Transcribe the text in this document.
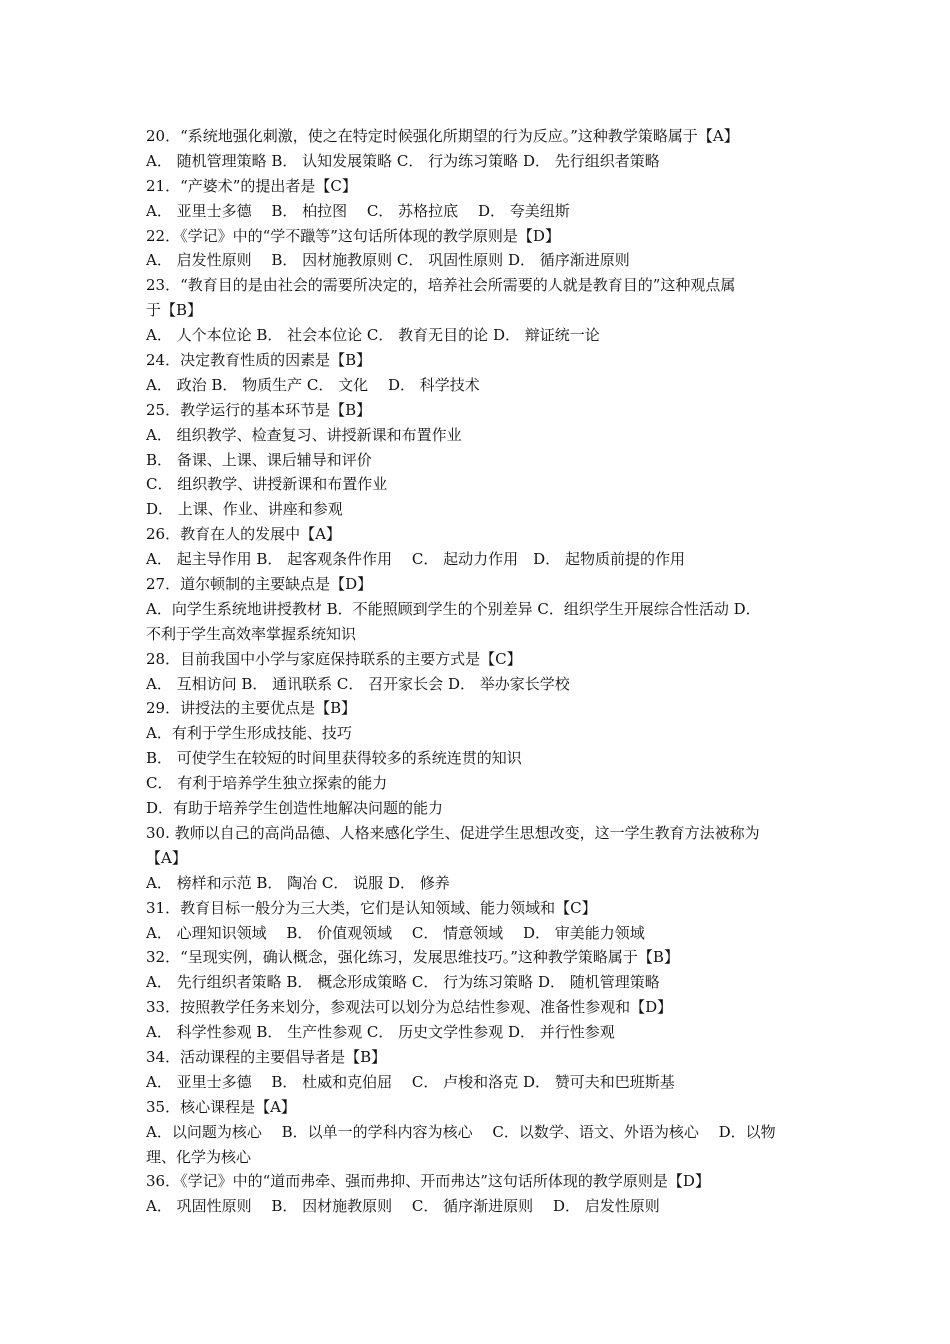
20．“系统地强化刺激，使之在特定时候强化所期望的行为反应。”这种教学策略属于【A】
A． 随机管理策略 B． 认知发展策略 C． 行为练习策略 D． 先行组织者策略
21．“产婆术”的提出者是【C】
A． 亚里士多德　 B． 柏拉图　 C． 苏格拉底　 D． 夸美纽斯
22．《学记》中的“学不躐等”这句话所体现的教学原则是【D】
A． 启发性原则　 B． 因材施教原则 C． 巩固性原则 D． 循序渐进原则
23．“教育目的是由社会的需要所决定的，培养社会所需要的人就是教育目的”这种观点属
于【B】
A． 人个本位论 B． 社会本位论 C． 教育无目的论 D． 辩证统一论
24．决定教育性质的因素是【B】
A． 政治 B． 物质生产 C． 文化　 D． 科学技术
25．教学运行的基本环节是【B】
A． 组织教学、检查复习、讲授新课和布置作业
B． 备课、上课、课后辅导和评价
C． 组织教学、讲授新课和布置作业
D． 上课、作业、讲座和参观
26．教育在人的发展中【A】
A． 起主导作用 B． 起客观条件作用　 C． 起动力作用　D． 起物质前提的作用
27．道尔顿制的主要缺点是【D】
A．向学生系统地讲授教材 B．不能照顾到学生的个别差异 C．组织学生开展综合性活动 D．
不利于学生高效率掌握系统知识
28．目前我国中小学与家庭保持联系的主要方式是【C】
A． 互相访问 B． 通讯联系 C． 召开家长会 D． 举办家长学校
29．讲授法的主要优点是【B】
A．有利于学生形成技能、技巧
B． 可使学生在较短的时间里获得较多的系统连贯的知识
C． 有利于培养学生独立探索的能力
D．有助于培养学生创造性地解决问题的能力
30. 教师以自己的高尚品德、人格来感化学生、促进学生思想改变，这一学生教育方法被称为
【A】
A． 榜样和示范 B． 陶冶 C． 说服 D． 修养
31．教育目标一般分为三大类，它们是认知领域、能力领域和【C】
A． 心理知识领域　 B． 价值观领域　 C． 情意领域　 D． 审美能力领域
32．“呈现实例，确认概念，强化练习，发展思维技巧。”这种教学策略属于【B】
A． 先行组织者策略 B． 概念形成策略 C． 行为练习策略 D． 随机管理策略
33．按照教学任务来划分，参观法可以划分为总结性参观、准备性参观和【D】
A． 科学性参观 B． 生产性参观 C． 历史文学性参观 D． 并行性参观
34．活动课程的主要倡导者是【B】
A． 亚里士多德　 B． 杜威和克伯屈　 C． 卢梭和洛克 D． 赞可夫和巴班斯基
35．核心课程是【A】
A．以问题为核心　 B．以单一的学科内容为核心　 C．以数学、语文、外语为核心　 D．以物
理、化学为核心
36．《学记》中的“道而弗牵、强而弗抑、开而弗达”这句话所体现的教学原则是【D】
A． 巩固性原则　 B． 因材施教原则　 C． 循序渐进原则　 D． 启发性原则
